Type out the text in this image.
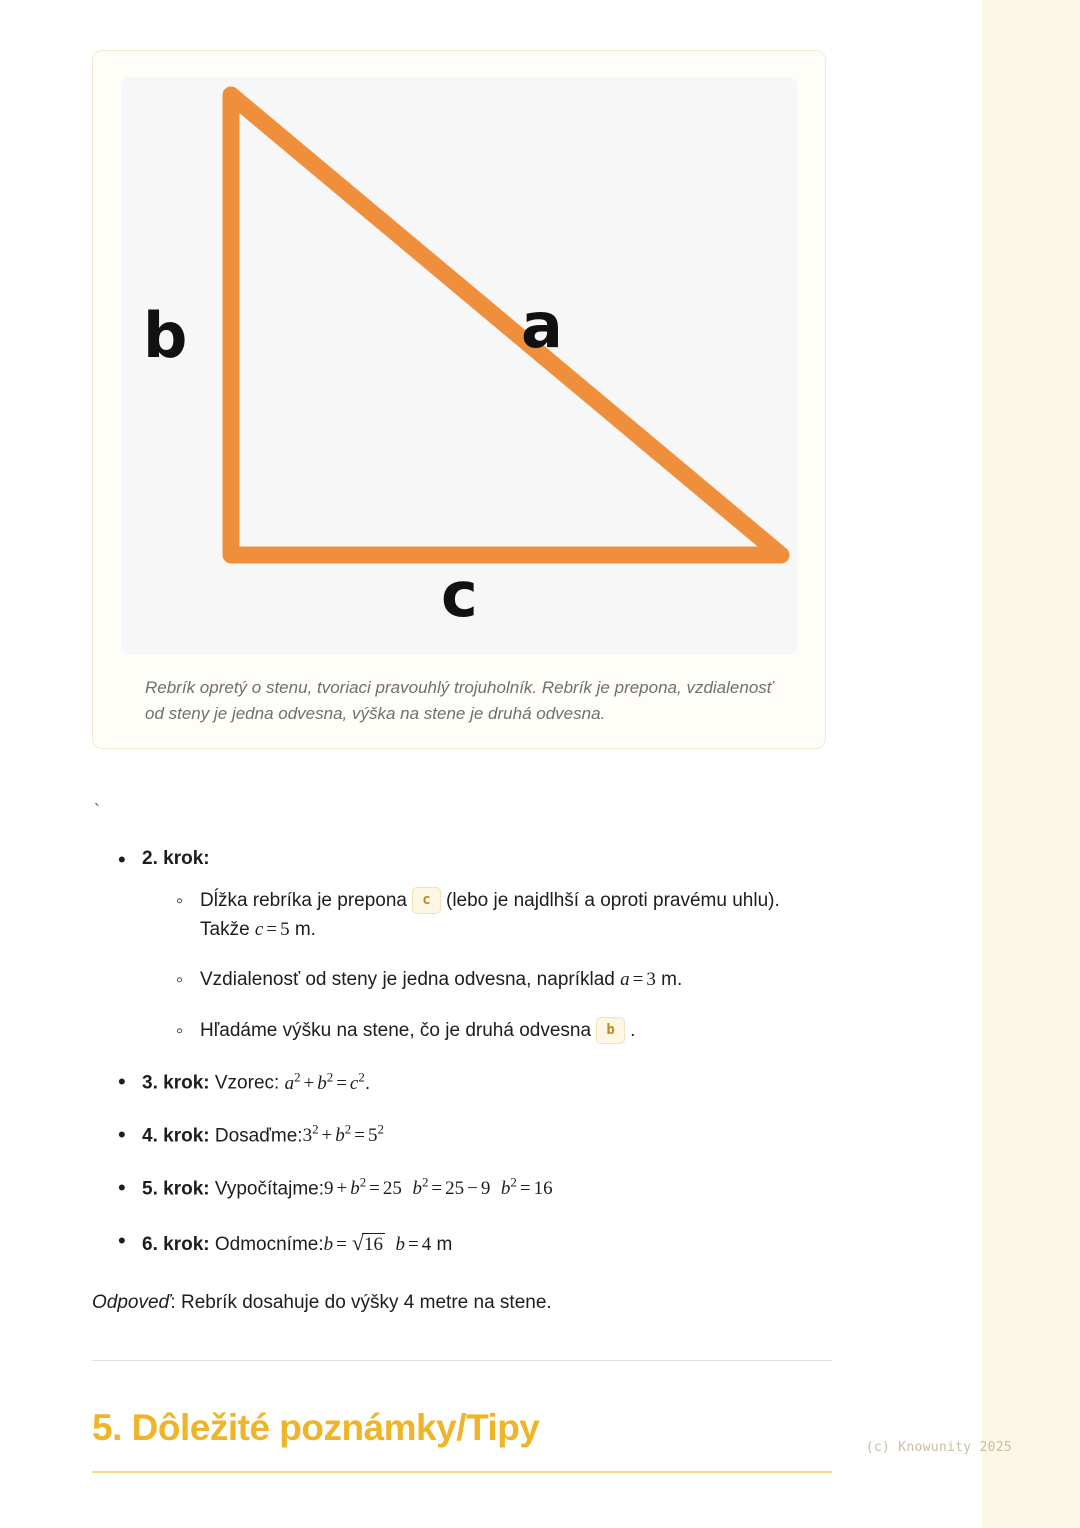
b	a
c
Rebrík opretý o stenu, tvoriaci pravouhlý trojuholník. Rebrík je prepona, vzdialenosť od steny je jedna odvesna, výška na stene je druhá odvesna.
`
• 2. krok:
◦ Dĺžka rebríka je prepona c (lebo je najdlhší a oproti pravému uhlu). Takže c = 5 m.
◦ Vzdialenosť od steny je jedna odvesna, napríklad a = 3 m.
◦ Hľadáme výšku na stene, čo je druhá odvesna b .
• 3. krok: Vzorec: $a^2 + b^2 = c^2$.
• 4. krok: $Dosaďme:3^2 + b^2 = 5^2$
• 5. krok: Vypočítajme:9 + $b^2 = 25$ $b^2 = 25 - 9$ $b^2 = 16$
• 6. krok: Odmocníme:b = √16 b = 4 m
Odpoveď: Rebrík dosahuje do výšky 4 metre na stene.
5. Dôležité poznámky/Tipy	(c) Knowunity 2025
